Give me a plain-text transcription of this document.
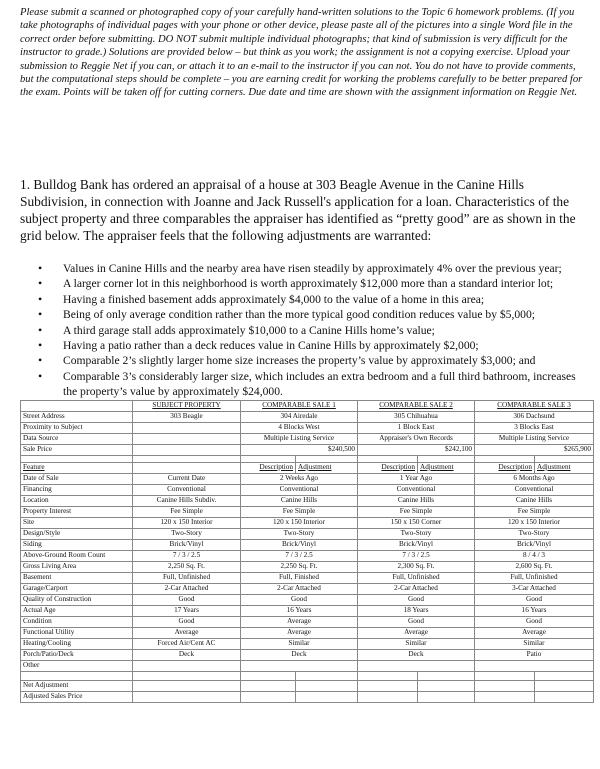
Please submit a scanned or photographed copy of your carefully hand-written solutions to the Topic 6 homework problems. (If you take photographs of individual pages with your phone or other device, please paste all of the pictures into a single Word file in the correct order before submitting. DO NOT submit multiple individual photographs; that kind of submission is very difficult for the instructor to grade.) Solutions are provided below – but think as you work; the assignment is not a copying exercise. Upload your submission to Reggie Net if you can, or attach it to an e-mail to the instructor if you can not. You do not have to provide comments, but the computational steps should be complete – you are earning credit for working the problems carefully to be better prepared for the exam. Points will be taken off for cutting corners. Due date and time are shown with the assignment information on Reggie Net.

1. Bulldog Bank has ordered an appraisal of a house at 303 Beagle Avenue in the Canine Hills Subdivision, in connection with Joanne and Jack Russell's application for a loan. Characteristics of the subject property and three comparables the appraiser has identified as “pretty good” are as shown in the grid below. The appraiser feels that the following adjustments are warranted:

• Values in Canine Hills and the nearby area have risen steadily by approximately 4% over the previous year;
• A larger corner lot in this neighborhood is worth approximately $12,000 more than a standard interior lot;
• Having a finished basement adds approximately $4,000 to the value of a home in this area;
• Being of only average condition rather than the more typical good condition reduces value by $5,000;
• A third garage stall adds approximately $10,000 to a Canine Hills home’s value;
• Having a patio rather than a deck reduces value in Canine Hills by approximately $2,000;
• Comparable 2’s slightly larger home size increases the property’s value by approximately $3,000; and
• Comparable 3’s considerably larger size, which includes an extra bedroom and a full third bathroom, increases the property’s value by approximately $24,000.
	SUBJECT PROPERTY	COMPARABLE SALE 1		COMPARABLE SALE 2		COMPARABLE SALE 3	
Street Address	303 Beagle	304 Airedale		305 Chihuahua		306 Dachsund	
Proximity to Subject		4 Blocks West		1 Block East		3 Blocks East	
Data Source		Multiple Listing Service		Appraiser's Own Records		Multiple Listing Service	
Sale Price		$240,500		$242,100		$265,900	

Feature		Description	Adjustment	Description	Adjustment	Description	Adjustment
Date of Sale	Current Date	2 Weeks Ago		1 Year Ago		6 Months Ago	
Financing	Conventional	Conventional		Conventional		Conventional	
Location	Canine Hills Subdiv.	Canine Hills		Canine Hills		Canine Hills	
Property Interest	Fee Simple	Fee Simple		Fee Simple		Fee Simple	
Site	120 x 150 Interior	120 x 150 Interior		150 x 150 Corner		120 x 150 Interior	
Design/Style	Two-Story	Two-Story		Two-Story		Two-Story	
Siding	Brick/Vinyl	Brick/Vinyl		Brick/Vinyl		Brick/Vinyl	
Above-Ground Room Count	7 / 3 / 2.5	7 / 3 / 2.5		7 / 3 / 2.5		8 / 4 / 3	
Gross Living Area	2,250 Sq. Ft.	2,250 Sq. Ft.		2,300 Sq. Ft.		2,600 Sq. Ft.	
Basement	Full, Unfinished	Full, Finished		Full, Unfinished		Full, Unfinished	
Garage/Carport	2-Car Attached	2-Car Attached		2-Car Attached		3-Car Attached	
Quality of Construction	Good	Good		Good		Good	
Actual Age	17 Years	16 Years		18 Years		16 Years	
Condition	Good	Average		Good		Good	
Functional Utility	Average	Average		Average		Average	
Heating/Cooling	Forced Air/Cent AC	Similar		Similar		Similar	
Porch/Patio/Deck	Deck	Deck		Deck		Patio	
Other							

Net Adjustment							
Adjusted Sales Price							
